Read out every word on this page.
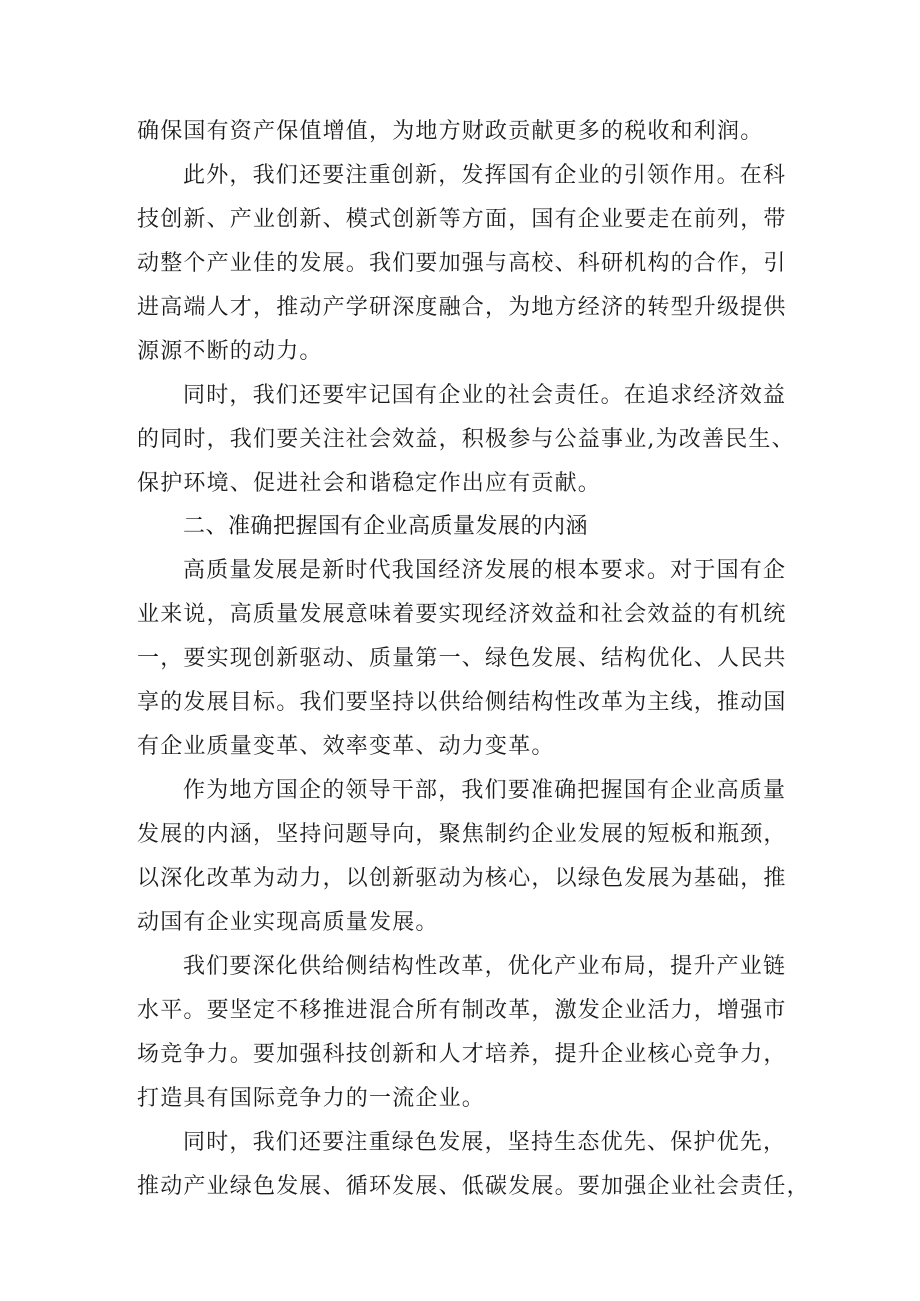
确保国有资产保值增值，为地方财政贡献更多的税收和利润。
此外，我们还要注重创新，发挥国有企业的引领作用。在科
技创新、产业创新、模式创新等方面，国有企业要走在前列，带
动整个产业佳的发展。我们要加强与高校、科研机构的合作，引
进高端人才，推动产学研深度融合，为地方经济的转型升级提供
源源不断的动力。
同时，我们还要牢记国有企业的社会责任。在追求经济效益
的同时，我们要关注社会效益，积极参与公益事业,为改善民生、
保护环境、促进社会和谐稳定作出应有贡献。
二、准确把握国有企业高质量发展的内涵
高质量发展是新时代我国经济发展的根本要求。对于国有企
业来说，高质量发展意味着要实现经济效益和社会效益的有机统
一，要实现创新驱动、质量第一、绿色发展、结构优化、人民共
享的发展目标。我们要坚持以供给侧结构性改革为主线，推动国
有企业质量变革、效率变革、动力变革。
作为地方国企的领导干部，我们要准确把握国有企业高质量
发展的内涵，坚持问题导向，聚焦制约企业发展的短板和瓶颈，
以深化改革为动力，以创新驱动为核心，以绿色发展为基础，推
动国有企业实现高质量发展。
我们要深化供给侧结构性改革，优化产业布局，提升产业链
水平。要坚定不移推进混合所有制改革，激发企业活力，增强市
场竞争力。要加强科技创新和人才培养，提升企业核心竞争力，
打造具有国际竞争力的一流企业。
同时，我们还要注重绿色发展，坚持生态优先、保护优先，
推动产业绿色发展、循环发展、低碳发展。要加强企业社会责任，
